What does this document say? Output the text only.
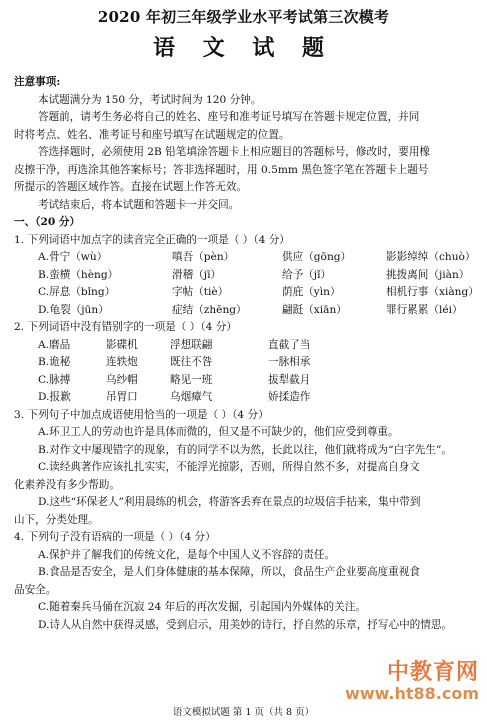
2020 年初三年级学业水平考试第三次模考
语 文 试 题
注意事项:
本试题满分为 150 分，考试时间为 120 分钟。
答题前，请考生务必将自己的姓名、座号和准考证号填写在答题卡规定位置，并同
时将考点、姓名、准考证号和座号填写在试题规定的位置。
答选择题时，必须使用 2B 铅笔填涂答题卡上相应题目的答题标号，修改时，要用橡
皮擦干净，再选涂其他答案标号；答非选择题时，用 0.5mm 黑色签字笔在答题卡上题号
所提示的答题区域作答。直接在试题上作答无效。
考试结束后，将本试题和答题卡一并交回。
一、（20 分）
1. 下列词语中加点字的读音完全正确的一项是（ ）（4 分）
A.骨宁（wù）	嗔吾（pèn）	供应（gōng）	影影绰绰（chuò）
B.蛮横（hèng）	滑稽（jī）	给予（jǐ）	挑拨离间（jiàn）
C.屏息（bǐng）	字帖（tiè）	荫庇（yìn）	相机行事（xiàng）
D.龟裂（jūn）	症结（zhēng）	翩跹（xiān）	罪行累累（léi）
2. 下列词语中没有错别字的一项是（ ）（4 分）
A.磨品	影碟机	浮想联翩	直截了当
B.诡秘	连轶炮	既往不咎	一脉相承
C.脉搏	乌纱帽	略见一班	拔犁截月
D.报歉	吊胃口	乌烟瘴气	娇揉造作
3. 下列句子中加点成语使用恰当的一项是（ ）（4 分）
A.环卫工人的劳动也许是具体而微的，但又是不可缺少的，他们应受到尊重。
B.对作文中屡现错字的现象，有的同学不以为然，长此以往，他们就将成为“白字先生”。
C.读经典著作应该扎扎实实，不能浮光掠影，否则，所得自然不多，对提高自身文
化素养没有多少帮助。
D.这些“环保老人”利用晨练的机会，将游客丢弃在景点的垃圾信手拈来，集中带到
山下，分类处理。
4. 下列句子没有语病的一项是（ ）（4 分）
A.保护并了解我们的传统文化，是每个中国人义不容辞的责任。
B.食品是否安全，是人们身体健康的基本保障，所以，食品生产企业要高度重视食
品安全。
C.随着秦兵马俑在沉寂 24 年后的再次发掘，引起国内外媒体的关注。
D.诗人从自然中获得灵感，受到启示，用美妙的诗行，抒自然的乐章，抒写心中的情思。
中教育网
www.ht88.com
语文模拟试题 第 1 页（共 8 页）
